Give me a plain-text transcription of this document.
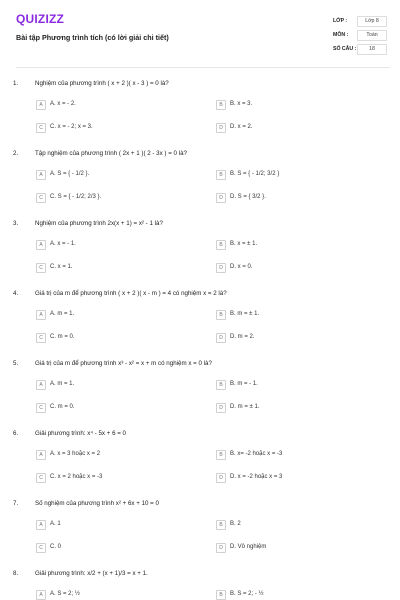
QUIZIZZ
Bài tập Phương trình tích (có lời giải chi tiết)
LỚP :	Lớp 8
MÔN :	Toán
SỐ CÂU :	18
1.	Nghiệm của phương trình ( x + 2 )( x - 3 ) = 0 là?
A	A. x = - 2.	B	B. x = 3.
C	C. x = - 2; x = 3.	D	D. x = 2.
2.	Tập nghiệm của phương trình ( 2x + 1 )( 2 - 3x ) = 0 là?
A	A. S = { - 1/2 }.	B	B. S = { - 1/2; 3/2 }
C	C. S = { - 1/2; 2/3 }.	D	D. S = { 3/2 }.
3.	Nghiệm của phương trình 2x(x + 1) = x² - 1 là?
A	A. x = - 1.	B	B. x = ± 1.
C	C. x = 1.	D	D. x = 0.
4.	Giá trị của m để phương trình ( x + 2 )( x - m ) = 4 có nghiệm x = 2 là?
A	A. m = 1.	B	B. m = ± 1.
C	C. m = 0.	D	D. m = 2.
5.	Giá trị của m để phương trình x³ - x² = x + m có nghiệm x = 0 là?
A	A. m = 1.	B	B. m = - 1.
C	C. m = 0.	D	D. m = ± 1.
6.	Giải phương trình: x⁴ - 5x + 6 = 0
A	A. x = 3 hoặc x = 2	B	B. x= -2 hoặc x = -3
C	C. x = 2 hoặc x = -3	D	D. x = -2 hoặc x = 3
7.	Số nghiệm của phương trình x² + 6x + 10 = 0
A	A. 1	B	B. 2
C	C. 0	D	D. Vô nghiệm
8.	Giải phương trình: x/2 + (x + 1)/3 = x + 1.
A	A. S = 2; ½	B	B. S = 2; - ½
